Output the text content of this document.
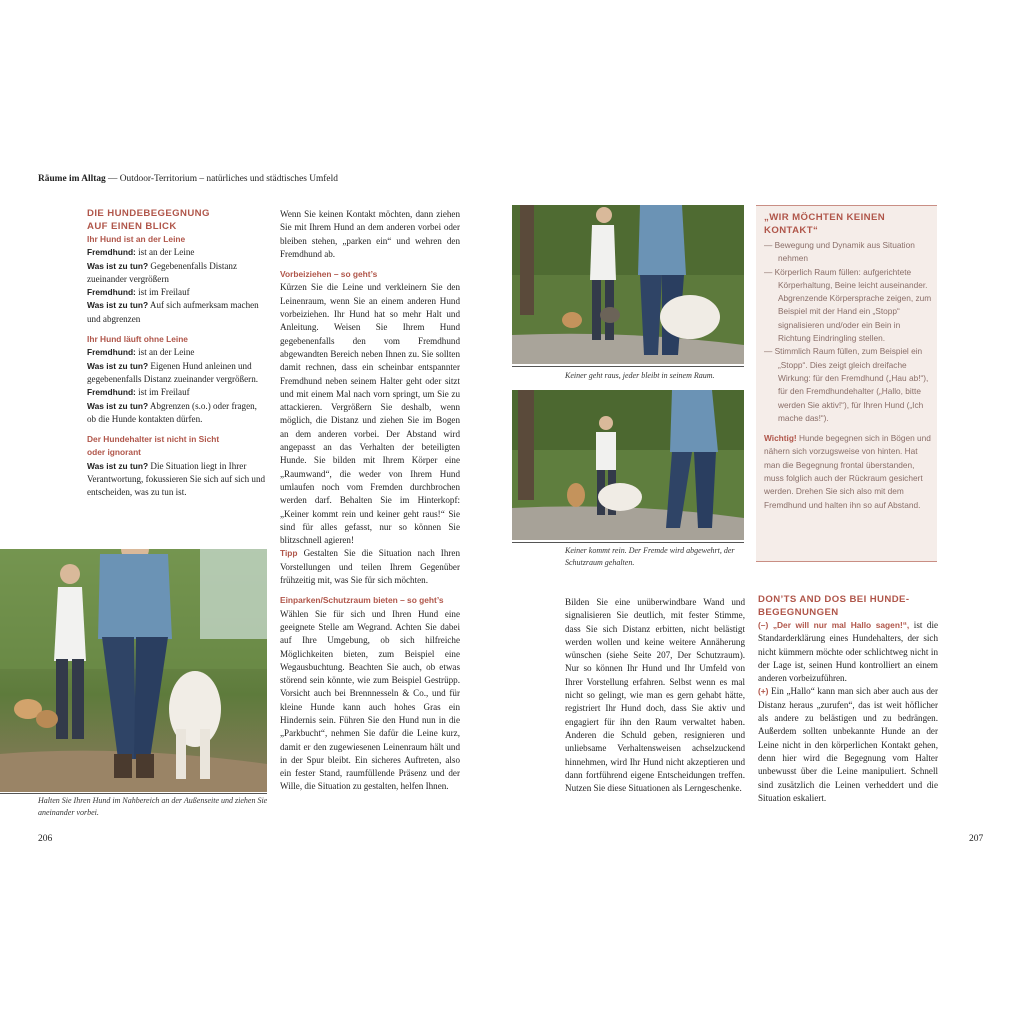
Räume im Alltag — Outdoor-Territorium – natürliches und städtisches Umfeld
DIE HUNDEBEGEGNUNG
AUF EINEN BLICK
Ihr Hund ist an der Leine

Fremdhund: ist an der Leine

Was ist zu tun? Gegebenenfalls Distanz zueinander vergrößern

Fremdhund: ist im Freilauf

Was ist zu tun? Auf sich aufmerksam machen und abgrenzen

Ihr Hund läuft ohne Leine

Fremdhund: ist an der Leine

Was ist zu tun? Eigenen Hund anleinen und gegebenenfalls Distanz zueinander vergrößern.

Fremdhund: ist im Freilauf

Was ist zu tun? Abgrenzen (s.o.) oder fragen, ob die Hunde kontakten dürfen.

Der Hundehalter ist nicht in Sicht
oder ignorant

Was ist zu tun? Die Situation liegt in Ihrer Verantwortung, fokussieren Sie sich auf sich und entscheiden, was zu tun ist.

Halten Sie Ihren Hund im Nahbereich an der Außenseite und ziehen Sie aneinander vorbei.

Wenn Sie keinen Kontakt möchten, dann ziehen Sie mit Ihrem Hund an dem anderen vorbei oder bleiben stehen, „parken ein“ und wehren den Fremdhund ab.

Vorbeiziehen – so geht’s

Kürzen Sie die Leine und verkleinern Sie den Leinenraum, wenn Sie an einem anderen Hund vorbeiziehen. Ihr Hund hat so mehr Halt und Anleitung. Weisen Sie Ihrem Hund gegebenenfalls den vom Fremdhund abgewandten Bereich neben Ihnen zu. Sie sollten damit rechnen, dass ein scheinbar entspannter Fremdhund neben seinem Halter geht oder sitzt und mit einem Mal nach vorn springt, um Sie zu attackieren. Vergrößern Sie deshalb, wenn möglich, die Distanz und ziehen Sie im Bogen an dem anderen vorbei. Der Abstand wird angepasst an das Verhalten der beteiligten Hunde. Sie bilden mit Ihrem Körper eine „Raumwand“, die weder von Ihrem Hund umlaufen noch vom Fremden durchbrochen werden darf. Behalten Sie im Hinterkopf: „Keiner kommt rein und keiner geht raus!“ Sie sind für alles gefasst, nur so können Sie blitzschnell agieren!

Tipp Gestalten Sie die Situation nach Ihren Vorstellungen und teilen Ihrem Gegenüber frühzeitig mit, was Sie für sich möchten.

Einparken/Schutzraum bieten – so geht’s

Wählen Sie für sich und Ihren Hund eine geeignete Stelle am Wegrand. Achten Sie dabei auf Ihre Umgebung, ob sich hilfreiche Möglichkeiten bieten, zum Beispiel eine Wegausbuchtung. Beachten Sie auch, ob etwas störend sein könnte, wie zum Beispiel Gestrüpp. Vorsicht auch bei Brennnesseln & Co., und für kleine Hunde kann auch hohes Gras ein Hindernis sein. Führen Sie den Hund nun in die „Parkbucht“, nehmen Sie dafür die Leine kurz, damit er den zugewiesenen Leinenraum hält und in der Spur bleibt. Ein sicheres Auftreten, also ein fester Stand, raumfüllende Präsenz und der Wille, die Situation zu gestalten, helfen Ihnen.

Keiner geht raus, jeder bleibt in seinem Raum.
Keiner kommt rein. Der Fremde wird abgewehrt, der Schutzraum gehalten.

Bilden Sie eine unüberwindbare Wand und signalisieren Sie deutlich, mit fester Stimme, dass Sie sich Distanz erbitten, nicht belästigt werden wollen und keine weitere Annäherung wünschen (siehe Seite 207, Der Schutzraum). Nur so können Ihr Hund und Ihr Umfeld von Ihrer Vorstellung erfahren. Selbst wenn es mal nicht so gelingt, wie man es gern gehabt hätte, registriert Ihr Hund doch, dass Sie aktiv und engagiert für ihn den Raum verwaltet haben. Anderen die Schuld geben, resignieren und unliebsame Verhaltensweisen achselzuckend hinnehmen, wird Ihr Hund nicht akzeptieren und dann fortführend eigene Entscheidungen treffen. Nutzen Sie diese Situationen als Lerngeschenke.

„WIR MÖCHTEN KEINEN
KONTAKT“

— Bewegung und Dynamik aus Situation nehmen

— Körperlich Raum füllen: aufgerichtete Körperhaltung, Beine leicht auseinander. Abgrenzende Körpersprache zeigen, zum Beispiel mit der Hand ein „Stopp“ signalisieren und/oder ein Bein in Richtung Eindringling stellen.

— Stimmlich Raum füllen, zum Beispiel ein „Stopp“. Dies zeigt gleich dreifache Wirkung: für den Fremdhund („Hau ab!“), für den Fremdhundehalter („Hallo, bitte werden Sie aktiv!“), für Ihren Hund („Ich mache das!“).

Wichtig! Hunde begegnen sich in Bögen und nähern sich vorzugsweise von hinten. Hat man die Begegnung frontal überstanden, muss folglich auch der Rückraum gesichert werden. Drehen Sie sich also mit dem Fremdhund und halten ihn so auf Abstand.

DON’TS AND DOS BEI HUNDE-
BEGEGNUNGEN

(–) „Der will nur mal Hallo sagen!“, ist die Standarderklärung eines Hundehalters, der sich nicht kümmern möchte oder schlichtweg nicht in der Lage ist, seinen Hund kontrolliert an einem anderen vorbeizuführen.

(+) Ein „Hallo“ kann man sich aber auch aus der Distanz heraus „zurufen“, das ist weit höflicher als andere zu belästigen und zu bedrängen. Außerdem sollten unbekannte Hunde an der Leine nicht in den körperlichen Kontakt gehen, denn hier wird die Begegnung vom Halter unbewusst über die Leine manipuliert. Schnell sind zusätzlich die Leinen verheddert und die Situation eskaliert.

206	207
